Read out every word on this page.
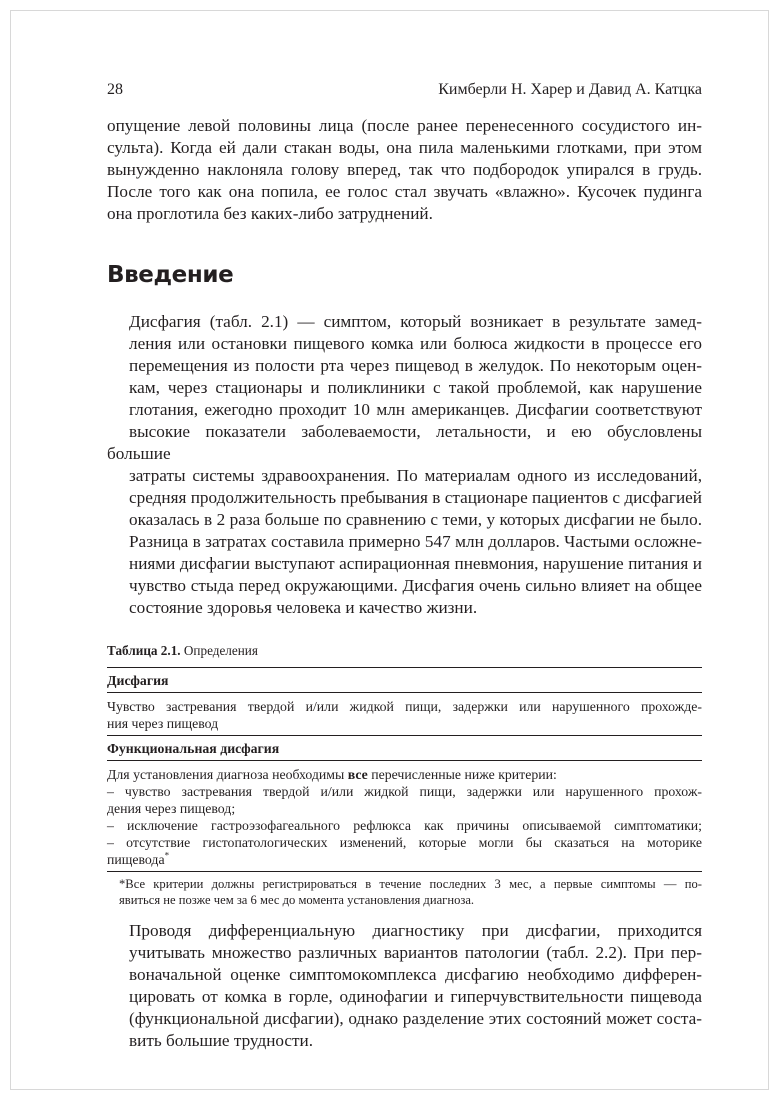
28	Кимберли Н. Харер и Давид А. Катцка

опущение левой половины лица (после ранее перенесенного сосудистого ин-
сульта). Когда ей дали стакан воды, она пила маленькими глотками, при этом
вынужденно наклоняла голову вперед, так что подбородок упирался в грудь.
После того как она попила, ее голос стал звучать «влажно». Кусочек пудинга
она проглотила без каких-либо затруднений.

Введение

Дисфагия (табл. 2.1) — симптом, который возникает в результате замед-
ления или остановки пищевого комка или болюса жидкости в процессе его
перемещения из полости рта через пищевод в желудок. По некоторым оцен-
кам, через стационары и поликлиники с такой проблемой, как нарушение
глотания, ежегодно проходит 10 млн американцев. Дисфагии соответствуют
высокие показатели заболеваемости, летальности, и ею обусловлены большие
затраты системы здравоохранения. По материалам одного из исследований,
средняя продолжительность пребывания в стационаре пациентов с дисфагией
оказалась в 2 раза больше по сравнению с теми, у которых дисфагии не было.
Разница в затратах составила примерно 547 млн долларов. Частыми осложне-
ниями дисфагии выступают аспирационная пневмония, нарушение питания и
чувство стыда перед окружающими. Дисфагия очень сильно влияет на общее
состояние здоровья человека и качество жизни.

Таблица 2.1. Определения
Дисфагия
Чувство застревания твердой и/или жидкой пищи, задержки или нарушенного прохожде-
ния через пищевод
Функциональная дисфагия
Для установления диагноза необходимы все перечисленные ниже критерии:
– чувство застревания твердой и/или жидкой пищи, задержки или нарушенного прохож-
дения через пищевод;
– исключение гастроэзофагеального рефлюкса как причины описываемой симптоматики;
– отсутствие гистопатологических изменений, которые могли бы сказаться на моторике
пищевода*
*Все критерии должны регистрироваться в течение последних 3 мес, а первые симптомы — по-
явиться не позже чем за 6 мес до момента установления диагноза.

Проводя дифференциальную диагностику при дисфагии, приходится
учитывать множество различных вариантов патологии (табл. 2.2). При пер-
воначальной оценке симптомокомплекса дисфагию необходимо дифферен-
цировать от комка в горле, одинофагии и гиперчувствительности пищевода
(функциональной дисфагии), однако разделение этих состояний может соста-
вить большие трудности.
